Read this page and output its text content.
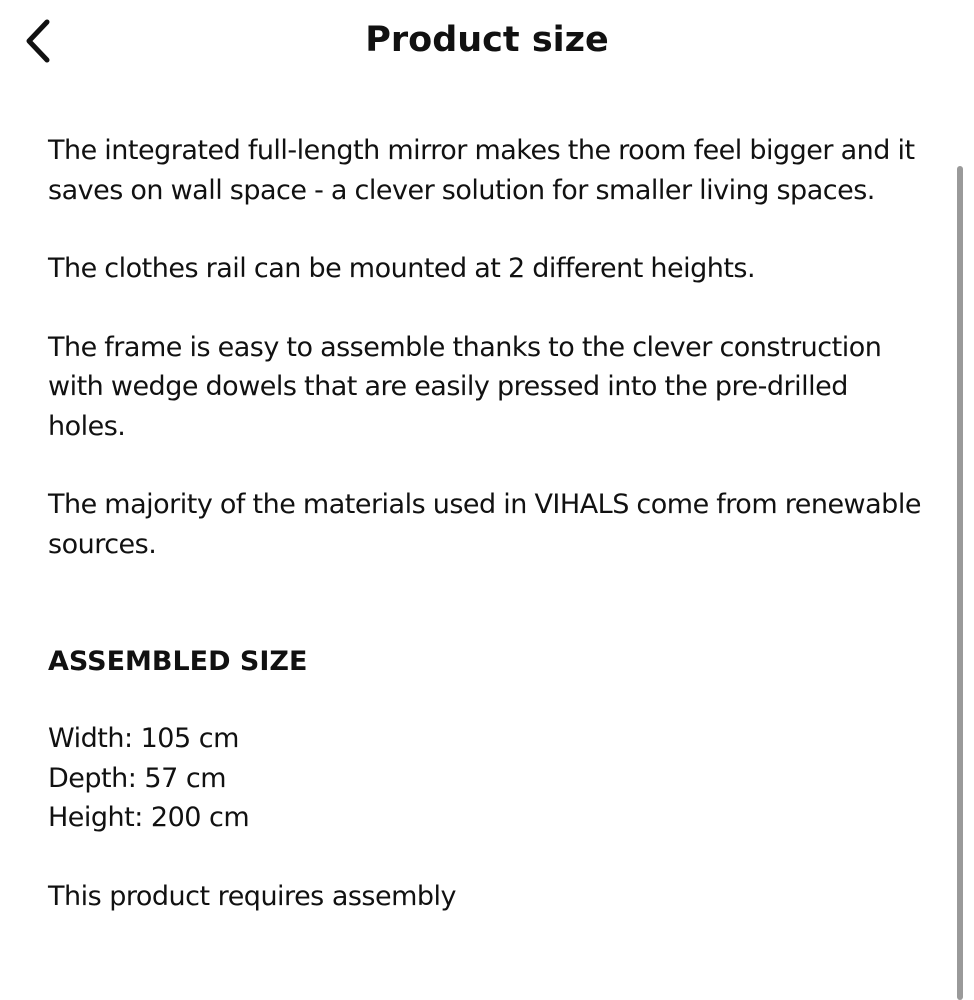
Product size

The integrated full-length mirror makes the room feel bigger and it saves on wall space - a clever solution for smaller living spaces.

The clothes rail can be mounted at 2 different heights.

The frame is easy to assemble thanks to the clever construction with wedge dowels that are easily pressed into the pre-drilled holes.

The majority of the materials used in VIHALS come from renewable sources.

ASSEMBLED SIZE
Width: 105 cm
Depth: 57 cm
Height: 200 cm

This product requires assembly
